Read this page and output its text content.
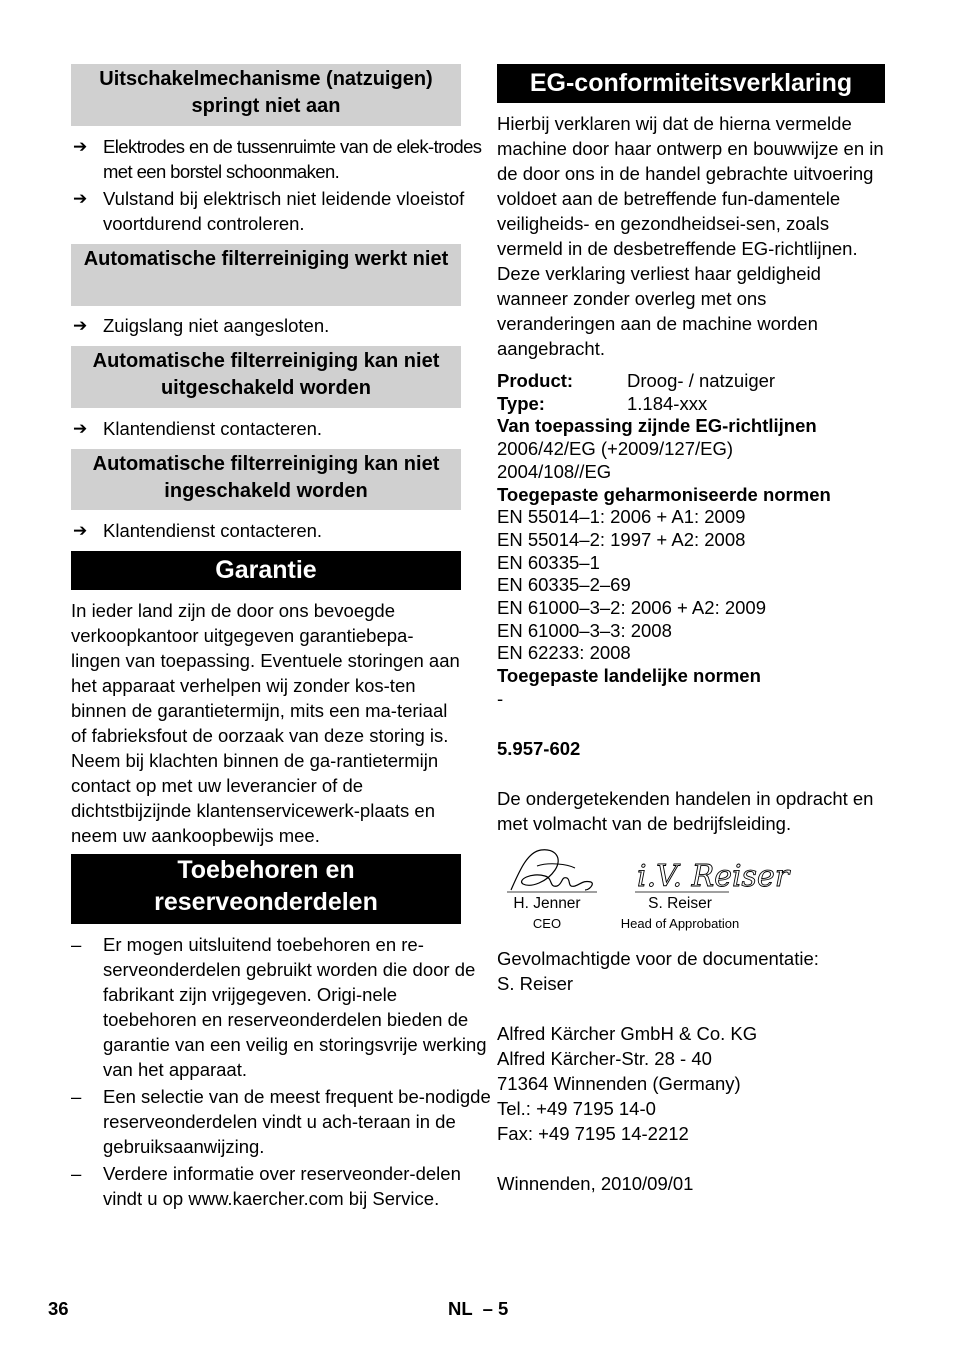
Uitschakelmechanisme (natzuigen) springt niet aan
➔ Elektrodes en de tussenruimte van de elek-trodes met een borstel schoonmaken.
➔ Vulstand bij elektrisch niet leidende vloeistof voortdurend controleren.
Automatische filterreiniging werkt niet
➔ Zuigslang niet aangesloten.
Automatische filterreiniging kan niet uitgeschakeld worden
➔ Klantendienst contacteren.
Automatische filterreiniging kan niet ingeschakeld worden
➔ Klantendienst contacteren.
Garantie
In ieder land zijn de door ons bevoegde verkoopkantoor uitgegeven garantiebepa-lingen van toepassing. Eventuele storingen aan het apparaat verhelpen wij zonder kos-ten binnen de garantietermijn, mits een ma-teriaal of fabrieksfout de oorzaak van deze storing is. Neem bij klachten binnen de ga-rantietermijn contact op met uw leverancier of de dichtstbijzijnde klantenservicewerk-plaats en neem uw aankoopbewijs mee.
Toebehoren en reserveonderdelen
– Er mogen uitsluitend toebehoren en re-serveonderdelen gebruikt worden die door de fabrikant zijn vrijgegeven. Origi-nele toebehoren en reserveonderdelen bieden de garantie van een veilig en storingsvrije werking van het apparaat.
– Een selectie van de meest frequent be-nodigde reserveonderdelen vindt u ach-teraan in de gebruiksaanwijzing.
– Verdere informatie over reserveonder-delen vindt u op www.kaercher.com bij Service.
EG-conformiteitsverklaring
Hierbij verklaren wij dat de hierna vermelde machine door haar ontwerp en bouwwijze en in de door ons in de handel gebrachte uitvoering voldoet aan de betreffende fun-damentele veiligheids- en gezondheidsei-sen, zoals vermeld in de desbetreffende EG-richtlijnen. Deze verklaring verliest haar geldigheid wanneer zonder overleg met ons veranderingen aan de machine worden aangebracht.
Product:	Droog- / natzuiger
Type:	1.184-xxx
Van toepassing zijnde EG-richtlijnen
2006/42/EG (+2009/127/EG)
2004/108//EG
Toegepaste geharmoniseerde normen
EN 55014–1: 2006 + A1: 2009
EN 55014–2: 1997 + A2: 2008
EN 60335–1
EN 60335–2–69
EN 61000–3–2: 2006 + A2: 2009
EN 61000–3–3: 2008
EN 62233: 2008
Toegepaste landelijke normen
-
5.957-602
De ondergetekenden handelen in opdracht en met volmacht van de bedrijfsleiding.
Gevolmachtigde voor de documentatie:
S. Reiser
Alfred Kärcher GmbH & Co. KG
Alfred Kärcher-Str. 28 - 40
71364 Winnenden (Germany)
Tel.: +49 7195 14-0
Fax: +49 7195 14-2212
Winnenden, 2010/09/01
i.V. Reiser
H. Jenner
CEO
S. Reiser
Head of Approbation
36	NL  – 5
